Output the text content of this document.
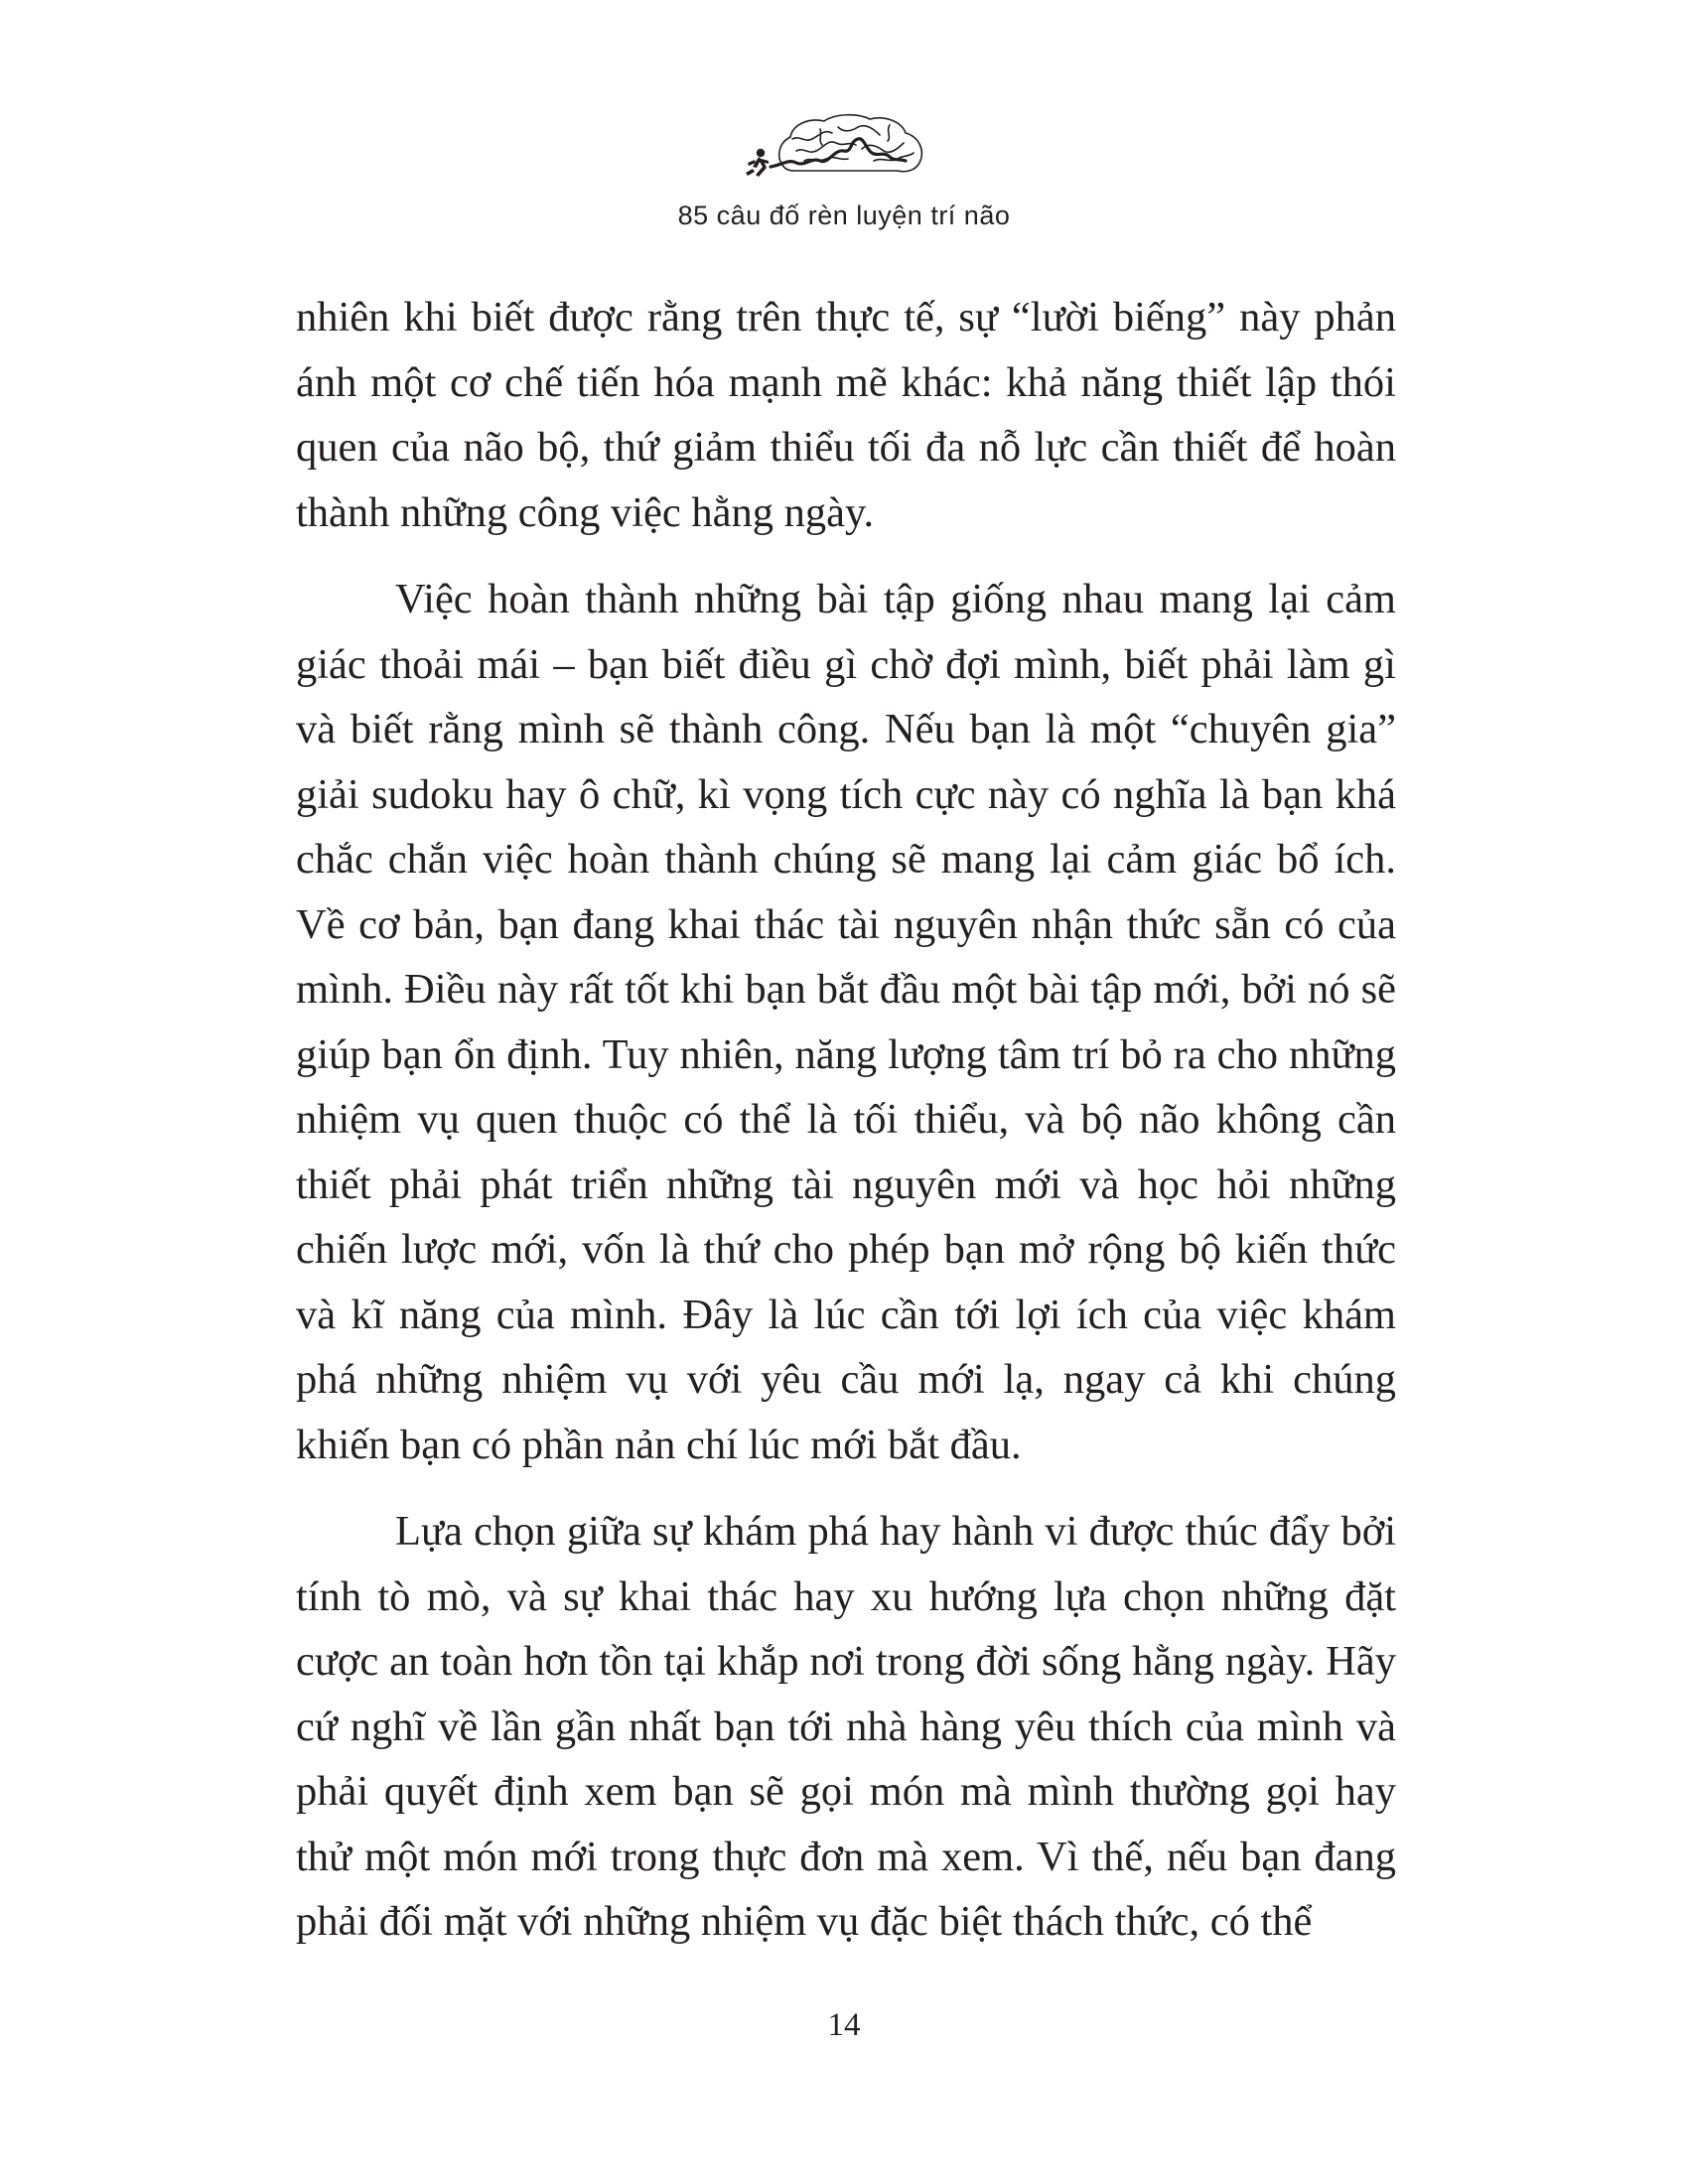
85 câu đố rèn luyện trí não

nhiên khi biết được rằng trên thực tế, sự “lười biếng” này phản ánh một cơ chế tiến hóa mạnh mẽ khác: khả năng thiết lập thói quen của não bộ, thứ giảm thiểu tối đa nỗ lực cần thiết để hoàn thành những công việc hằng ngày.

Việc hoàn thành những bài tập giống nhau mang lại cảm giác thoải mái – bạn biết điều gì chờ đợi mình, biết phải làm gì và biết rằng mình sẽ thành công. Nếu bạn là một “chuyên gia” giải sudoku hay ô chữ, kì vọng tích cực này có nghĩa là bạn khá chắc chắn việc hoàn thành chúng sẽ mang lại cảm giác bổ ích. Về cơ bản, bạn đang khai thác tài nguyên nhận thức sẵn có của mình. Điều này rất tốt khi bạn bắt đầu một bài tập mới, bởi nó sẽ giúp bạn ổn định. Tuy nhiên, năng lượng tâm trí bỏ ra cho những nhiệm vụ quen thuộc có thể là tối thiểu, và bộ não không cần thiết phải phát triển những tài nguyên mới và học hỏi những chiến lược mới, vốn là thứ cho phép bạn mở rộng bộ kiến thức và kĩ năng của mình. Đây là lúc cần tới lợi ích của việc khám phá những nhiệm vụ với yêu cầu mới lạ, ngay cả khi chúng khiến bạn có phần nản chí lúc mới bắt đầu.

Lựa chọn giữa sự khám phá hay hành vi được thúc đẩy bởi tính tò mò, và sự khai thác hay xu hướng lựa chọn những đặt cược an toàn hơn tồn tại khắp nơi trong đời sống hằng ngày. Hãy cứ nghĩ về lần gần nhất bạn tới nhà hàng yêu thích của mình và phải quyết định xem bạn sẽ gọi món mà mình thường gọi hay thử một món mới trong thực đơn mà xem. Vì thế, nếu bạn đang phải đối mặt với những nhiệm vụ đặc biệt thách thức, có thể

14
